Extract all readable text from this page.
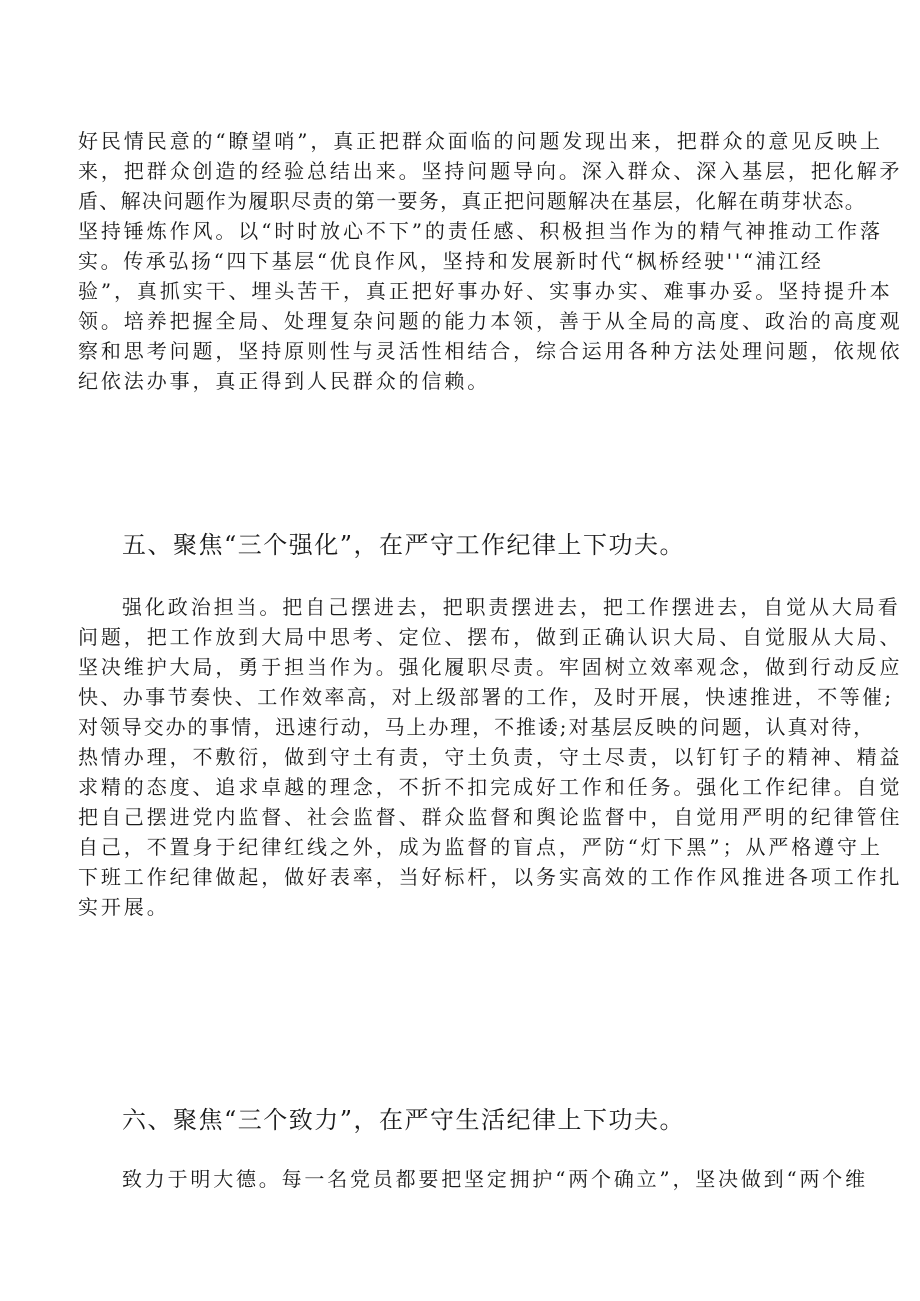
好民情民意的“瞭望哨”，真正把群众面临的问题发现出来，把群众的意见反映上
来，把群众创造的经验总结出来。坚持问题导向。深入群众、深入基层，把化解矛
盾、解决问题作为履职尽责的第一要务，真正把问题解决在基层，化解在萌芽状态。
坚持锤炼作风。以“时时放心不下”的责任感、积极担当作为的精气神推动工作落
实。传承弘扬“四下基层“优良作风，坚持和发展新时代“枫桥经驶''“浦江经
验”，真抓实干、埋头苦干，真正把好事办好、实事办实、难事办妥。坚持提升本
领。培养把握全局、处理复杂问题的能力本领，善于从全局的高度、政治的高度观
察和思考问题，坚持原则性与灵活性相结合，综合运用各种方法处理问题，依规依
纪依法办事，真正得到人民群众的信赖。
五、聚焦“三个强化”，在严守工作纪律上下功夫。
强化政治担当。把自己摆进去，把职责摆进去，把工作摆进去，自觉从大局看
问题，把工作放到大局中思考、定位、摆布，做到正确认识大局、自觉服从大局、
坚决维护大局，勇于担当作为。强化履职尽责。牢固树立效率观念，做到行动反应
快、办事节奏快、工作效率高，对上级部署的工作，及时开展，快速推进，不等催;
对领导交办的事情，迅速行动，马上办理，不推诿;对基层反映的问题，认真对待，
热情办理，不敷衍，做到守土有责，守土负责，守土尽责，以钉钉子的精神、精益
求精的态度、追求卓越的理念，不折不扣完成好工作和任务。强化工作纪律。自觉
把自己摆进党内监督、社会监督、群众监督和舆论监督中，自觉用严明的纪律管住
自己，不置身于纪律红线之外，成为监督的盲点，严防“灯下黑”；从严格遵守上
下班工作纪律做起，做好表率，当好标杆，以务实高效的工作作风推进各项工作扎
实开展。
六、聚焦“三个致力”，在严守生活纪律上下功夫。
致力于明大德。每一名党员都要把坚定拥护“两个确立”，坚决做到“两个维
